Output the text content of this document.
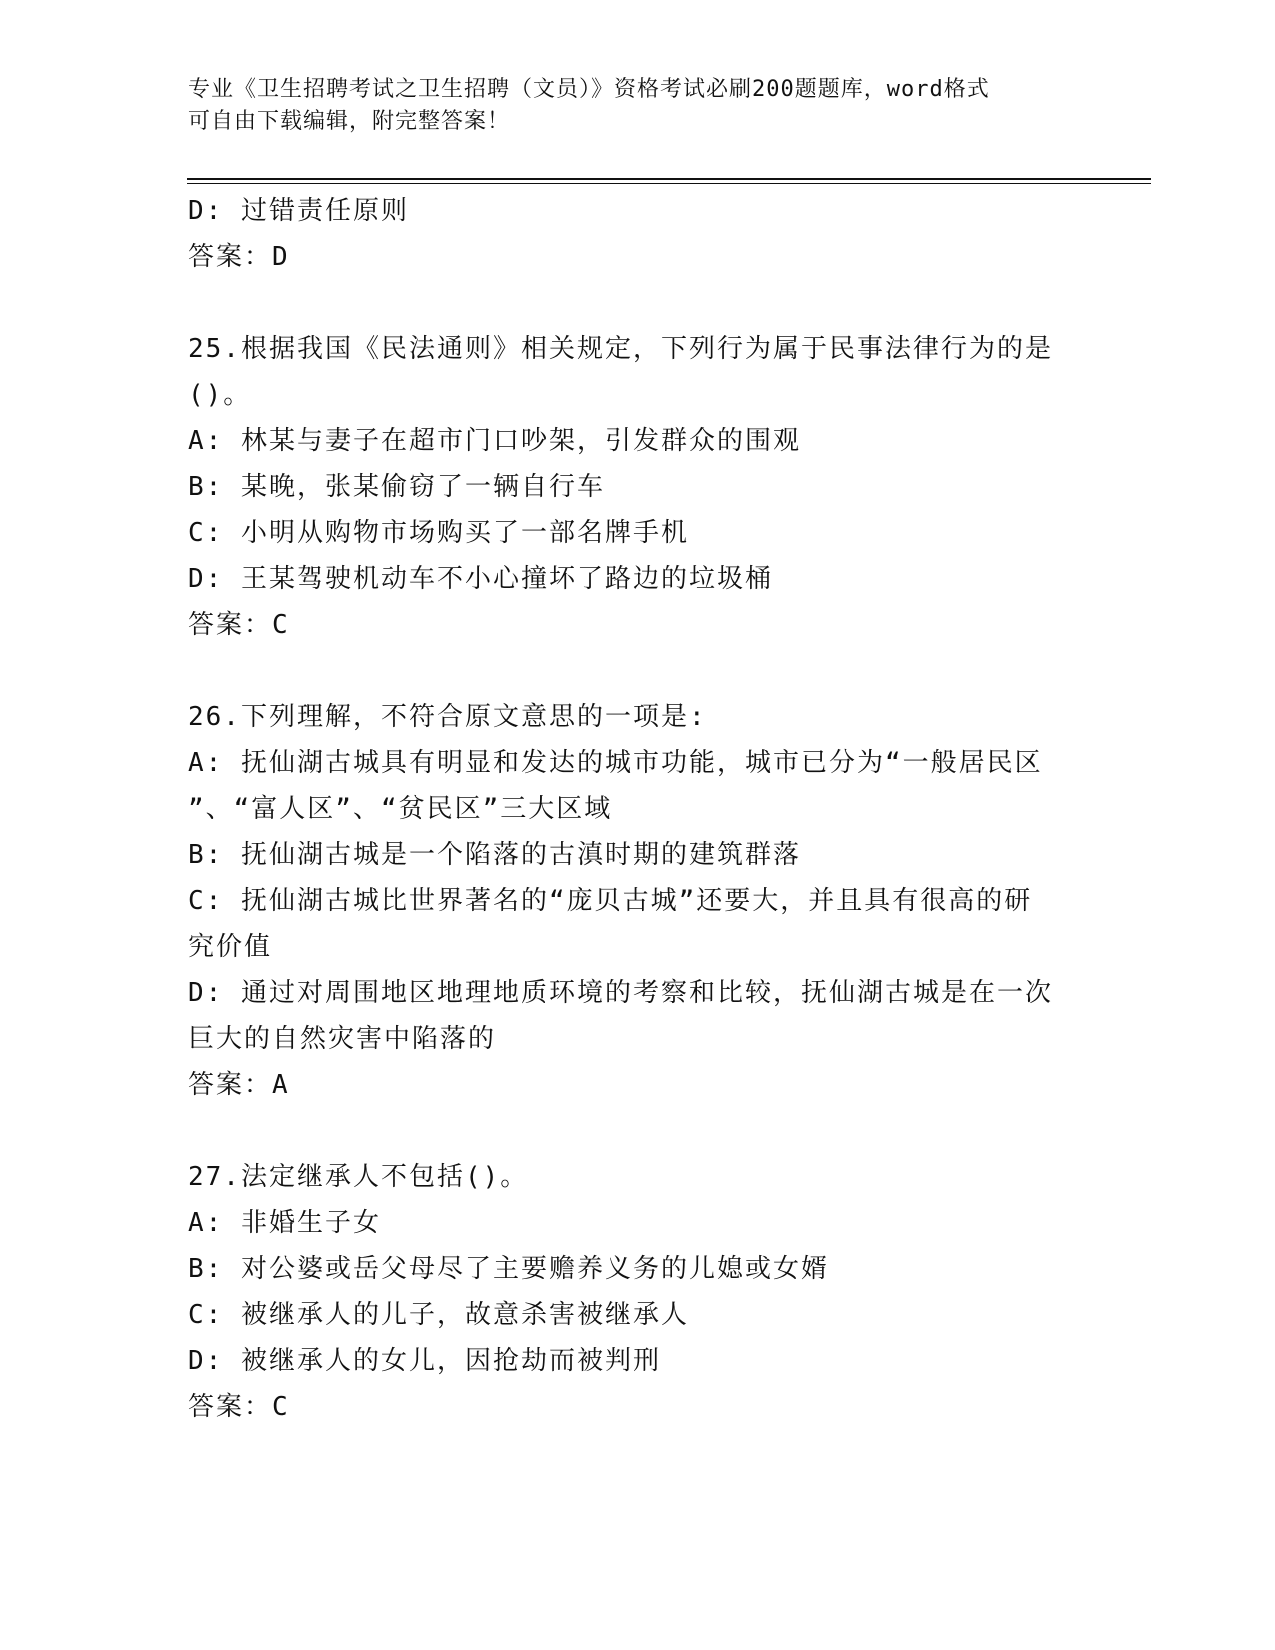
专业《卫生招聘考试之卫生招聘（文员）》资格考试必刷200题题库，word格式
可自由下载编辑，附完整答案！
D: 过错责任原则
答案：D
25.根据我国《民法通则》相关规定，下列行为属于民事法律行为的是
()。
A: 林某与妻子在超市门口吵架，引发群众的围观
B: 某晚，张某偷窃了一辆自行车
C: 小明从购物市场购买了一部名牌手机
D: 王某驾驶机动车不小心撞坏了路边的垃圾桶
答案：C
26.下列理解，不符合原文意思的一项是:
A: 抚仙湖古城具有明显和发达的城市功能，城市已分为“一般居民区
”、“富人区”、“贫民区”三大区域
B: 抚仙湖古城是一个陷落的古滇时期的建筑群落
C: 抚仙湖古城比世界著名的“庞贝古城”还要大，并且具有很高的研
究价值
D: 通过对周围地区地理地质环境的考察和比较，抚仙湖古城是在一次
巨大的自然灾害中陷落的
答案：A
27.法定继承人不包括()。
A: 非婚生子女
B: 对公婆或岳父母尽了主要赡养义务的儿媳或女婿
C: 被继承人的儿子，故意杀害被继承人
D: 被继承人的女儿，因抢劫而被判刑
答案：C
